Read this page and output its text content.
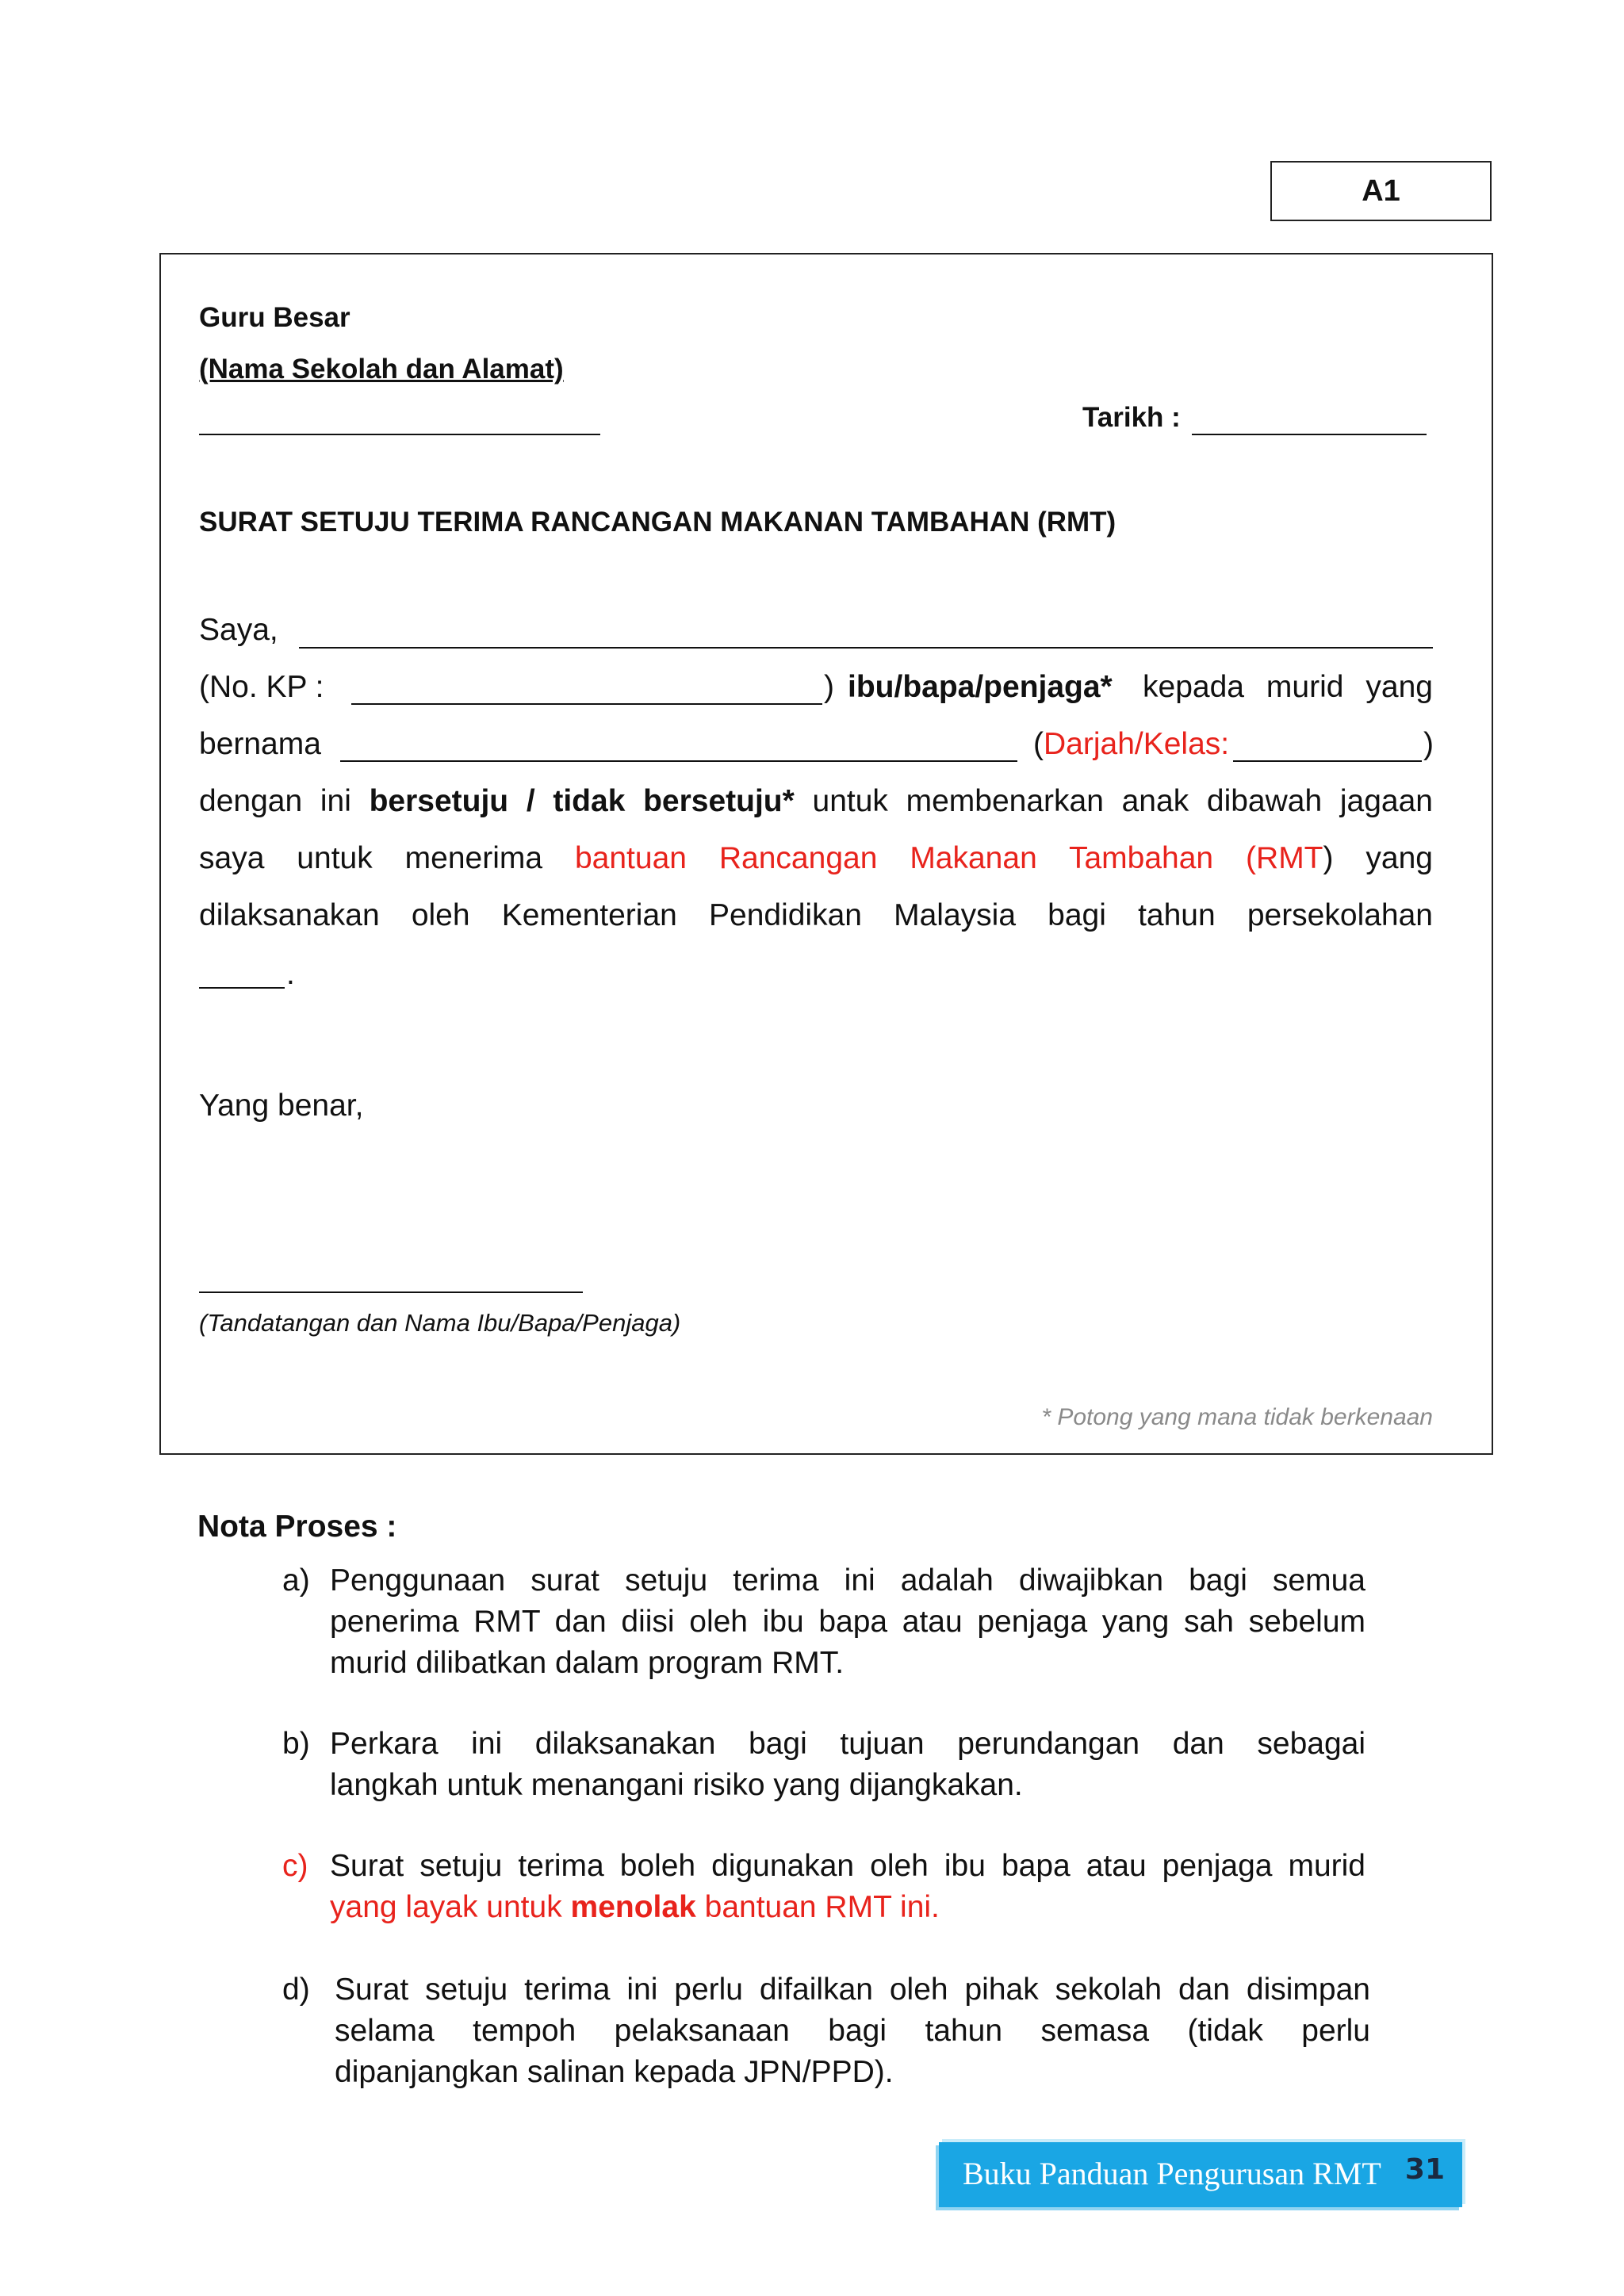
A1
Guru Besar
(Nama Sekolah dan Alamat)
Tarikh :
SURAT SETUJU TERIMA RANCANGAN MAKANAN TAMBAHAN (RMT)
Saya,
(No. KP :	) ibu/bapa/penjaga* kepada murid yang
bernama	( Darjah/Kelas:	)
dengan ini bersetuju / tidak bersetuju* untuk membenarkan anak dibawah jagaan
saya untuk menerima bantuan Rancangan Makanan Tambahan (RMT) yang
dilaksanakan oleh Kementerian Pendidikan Malaysia bagi tahun persekolahan
.
Yang benar,
(Tandatangan dan Nama Ibu/Bapa/Penjaga)
* Potong yang mana tidak berkenaan
Nota Proses :
a) Penggunaan surat setuju terima ini adalah diwajibkan bagi semua
penerima RMT dan diisi oleh ibu bapa atau penjaga yang sah sebelum
murid dilibatkan dalam program RMT.
b) Perkara ini dilaksanakan bagi tujuan perundangan dan sebagai
langkah untuk menangani risiko yang dijangkakan.
c) Surat setuju terima boleh digunakan oleh ibu bapa atau penjaga murid
yang layak untuk menolak bantuan RMT ini.
d) Surat setuju terima ini perlu difailkan oleh pihak sekolah dan disimpan
selama tempoh pelaksanaan bagi tahun semasa (tidak perlu
dipanjangkan salinan kepada JPN/PPD).
Buku Panduan Pengurusan RMT 31
